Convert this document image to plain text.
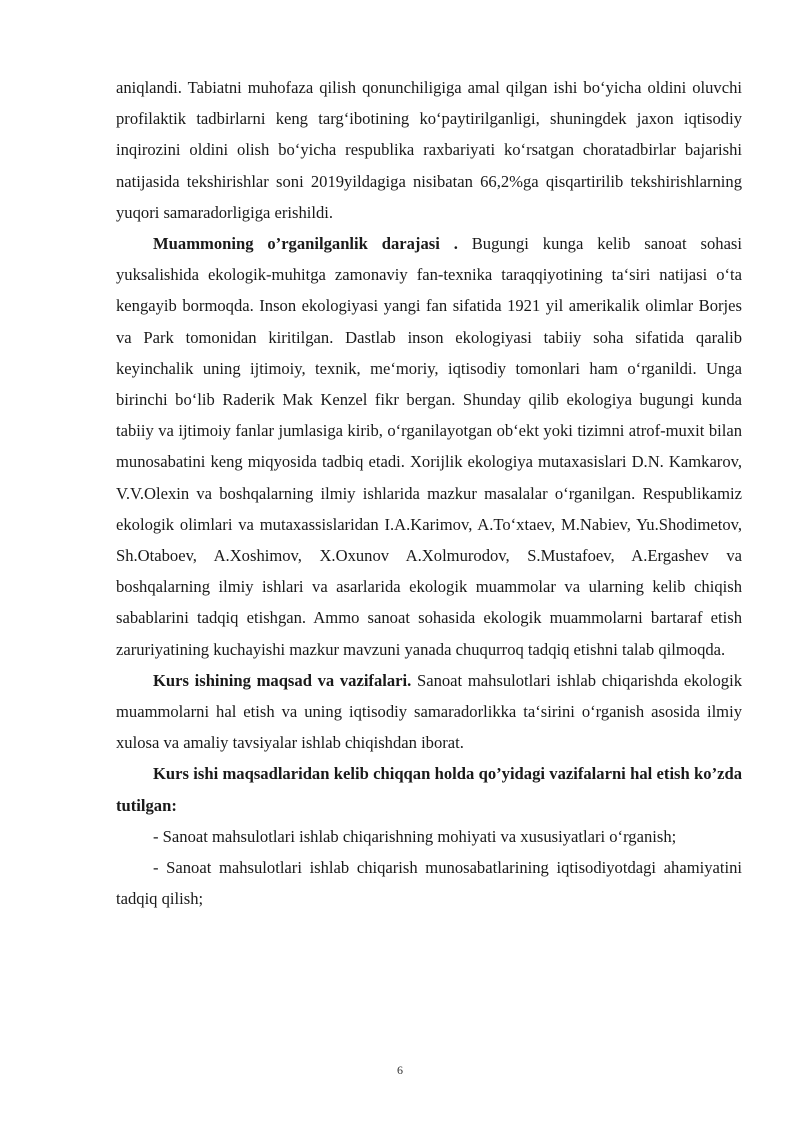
aniqlandi. Tabiatni muhofaza qilish qonunchiligiga amal qilgan ishi boʻyicha oldini oluvchi profilaktik tadbirlarni keng targʻibotining koʻpaytirilganligi, shuningdek jaxon iqtisodiy inqirozini oldini olish boʻyicha respublika raxbariyati koʻrsatgan choratadbirlar bajarishi natijasida tekshirishlar soni 2019yildagiga nisibatan 66,2%ga qisqartirilib tekshirishlarning yuqori samaradorligiga erishildi.

Muammoning o’rganilganlik darajasi . Bugungi kunga kelib sanoat sohasi yuksalishida ekologik-muhitga zamonaviy fan-texnika taraqqiyotining taʻsiri natijasi oʻta kengayib bormoqda. Inson ekologiyasi yangi fan sifatida 1921 yil amerikalik olimlar Borjes va Park tomonidan kiritilgan. Dastlab inson ekologiyasi tabiiy soha sifatida qaralib keyinchalik uning ijtimoiy, texnik, meʻmoriy, iqtisodiy tomonlari ham oʻrganildi. Unga birinchi boʻlib Raderik Mak Kenzel fikr bergan. Shunday qilib ekologiya bugungi kunda tabiiy va ijtimoiy fanlar jumlasiga kirib, oʻrganilayotgan obʻekt yoki tizimni atrof-muxit bilan munosabatini keng miqyosida tadbiq etadi. Xorijlik ekologiya mutaxasislari D.N. Kamkarov, V.V.Olexin va boshqalarning ilmiy ishlarida mazkur masalalar oʻrganilgan. Respublikamiz ekologik olimlari va mutaxassislaridan I.A.Karimov, A.Toʻxtaev, M.Nabiev, Yu.Shodimetov, Sh.Otaboev, A.Xoshimov, X.Oxunov A.Xolmurodov, S.Mustafoev, A.Ergashev va boshqalarning ilmiy ishlari va asarlarida ekologik muammolar va ularning kelib chiqish sabablarini tadqiq etishgan. Ammo sanoat sohasida ekologik muammolarni bartaraf etish zaruriyatining kuchayishi mazkur mavzuni yanada chuqurroq tadqiq etishni talab qilmoqda.

Kurs ishining maqsad va vazifalari. Sanoat mahsulotlari ishlab chiqarishda ekologik muammolarni hal etish va uning iqtisodiy samaradorlikka taʻsirini oʻrganish asosida ilmiy xulosa va amaliy tavsiyalar ishlab chiqishdan iborat.

Kurs ishi maqsadlaridan kelib chiqqan holda qo’yidagi vazifalarni hal etish ko’zda tutilgan:

- Sanoat mahsulotlari ishlab chiqarishning mohiyati va xususiyatlari oʻrganish;

- Sanoat mahsulotlari ishlab chiqarish munosabatlarining iqtisodiyotdagi ahamiyatini tadqiq qilish;

6
